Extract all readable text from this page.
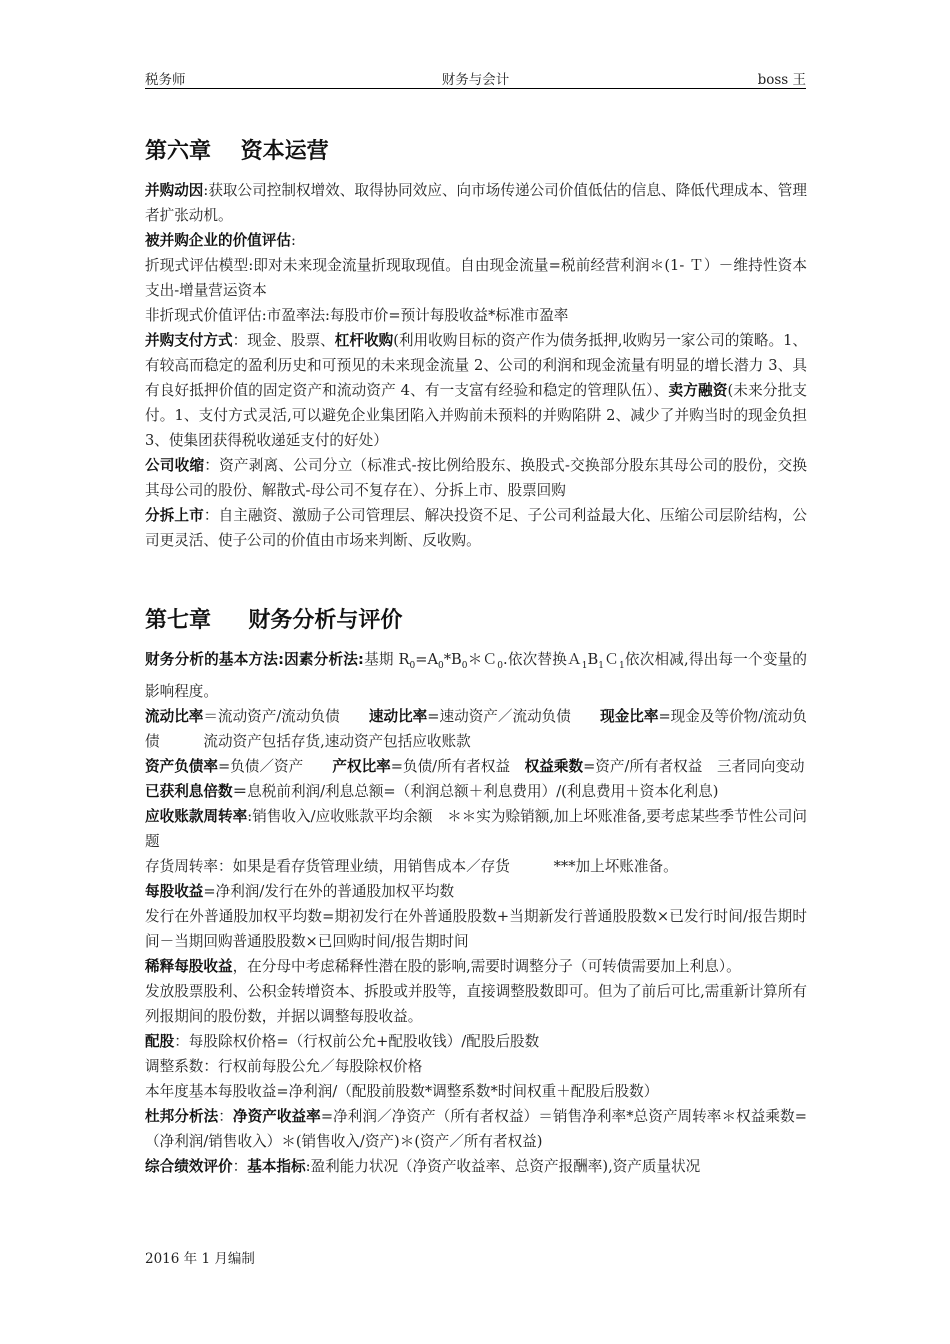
税务师	财务与会计	boss 王
第六章　 资本运营

并购动因:获取公司控制权增效、取得协同效应、向市场传递公司价值低估的信息、降低代理成本、管理者扩张动机。

被并购企业的价值评估:

折现式评估模型:即对未来现金流量折现取现值。自由现金流量=税前经营利润＊(1- Ｔ）－维持性资本支出-增量营运资本

非折现式价值评估:市盈率法:每股市价=预计每股收益*标准市盈率

并购支付方式：现金、股票、杠杆收购(利用收购目标的资产作为债务抵押,收购另一家公司的策略。1、有较高而稳定的盈利历史和可预见的未来现金流量 2、公司的利润和现金流量有明显的增长潜力 3、具有良好抵押价值的固定资产和流动资产 4、有一支富有经验和稳定的管理队伍）、卖方融资(未来分批支付。1、支付方式灵活,可以避免企业集团陷入并购前未预料的并购陷阱 2、减少了并购当时的现金负担 3、使集团获得税收递延支付的好处）

公司收缩：资产剥离、公司分立（标准式-按比例给股东、换股式-交换部分股东其母公司的股份，交换其母公司的股份、解散式-母公司不复存在）、分拆上市、股票回购

分拆上市：自主融资、激励子公司管理层、解决投资不足、子公司利益最大化、压缩公司层阶结构，公司更灵活、使子公司的价值由市场来判断、反收购。

第七章　  财务分析与评价

财务分析的基本方法:因素分析法:基期 $R_0=A_0*B_0*C_0$.依次替换$A_1B_1C_1$依次相减,得出每一个变量的影响程度。

流动比率＝流动资产/流动负债　　速动比率=速动资产／流动负债　　现金比率=现金及等价物/流动负债　　　流动资产包括存货,速动资产包括应收账款

资产负债率=负债／资产　　产权比率=负债/所有者权益　权益乘数=资产/所有者权益　三者同向变动

已获利息倍数＝息税前利润/利息总额=（利润总额＋利息费用）/(利息费用＋资本化利息)

应收账款周转率:销售收入/应收账款平均余额　＊＊实为赊销额,加上坏账准备,要考虑某些季节性公司问题

存货周转率：如果是看存货管理业绩，用销售成本／存货　　　***加上坏账准备。

每股收益=净利润/发行在外的普通股加权平均数

发行在外普通股加权平均数=期初发行在外普通股股数+当期新发行普通股股数×已发行时间/报告期时间－当期回购普通股股数×已回购时间/报告期时间

稀释每股收益，在分母中考虑稀释性潜在股的影响,需要时调整分子（可转债需要加上利息）。

发放股票股利、公积金转增资本、拆股或并股等，直接调整股数即可。但为了前后可比,需重新计算所有列报期间的股份数，并据以调整每股收益。

配股：每股除权价格=（行权前公允+配股收钱）/配股后股数

调整系数：行权前每股公允／每股除权价格

本年度基本每股收益=净利润/（配股前股数*调整系数*时间权重＋配股后股数）

杜邦分析法：净资产收益率=净利润／净资产（所有者权益）＝销售净利率*总资产周转率＊权益乘数=（净利润/销售收入）＊(销售收入/资产)＊(资产／所有者权益)

综合绩效评价：基本指标:盈利能力状况（净资产收益率、总资产报酬率),资产质量状况

2016 年 1 月编制
